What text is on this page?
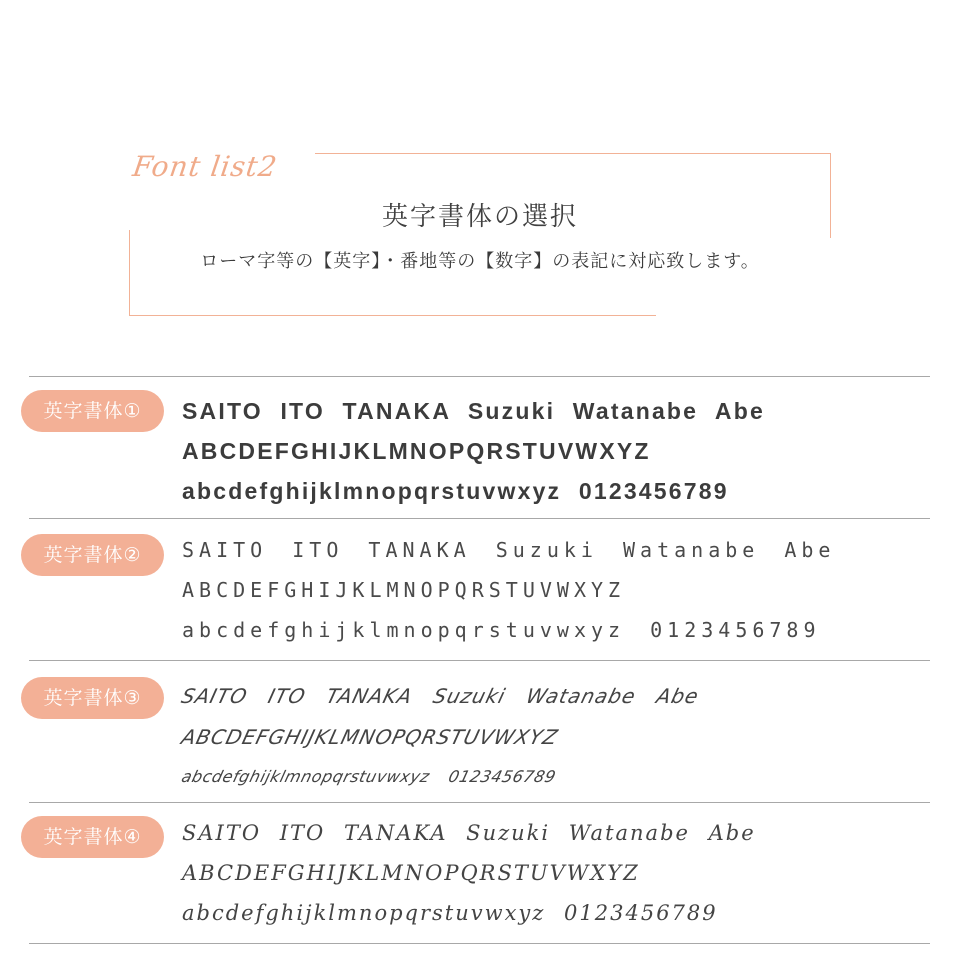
Font list2
英字書体の選択
ローマ字等の【英字】・番地等の【数字】の表記に対応致します。
英字書体①	SAITO ITO TANAKA Suzuki Watanabe Abe
ABCDEFGHIJKLMNOPQRSTUVWXYZ
abcdefghijklmnopqrstuvwxyz 0123456789
英字書体②	SAITO ITO TANAKA Suzuki Watanabe Abe
ABCDEFGHIJKLMNOPQRSTUVWXYZ
abcdefghijklmnopqrstuvwxyz 0123456789
英字書体③	SAITO ITO TANAKA Suzuki Watanabe Abe
ABCDEFGHIJKLMNOPQRSTUVWXYZ
abcdefghijklmnopqrstuvwxyz 0123456789
英字書体④	SAITO ITO TANAKA Suzuki Watanabe Abe
ABCDEFGHIJKLMNOPQRSTUVWXYZ
abcdefghijklmnopqrstuvwxyz 0123456789
